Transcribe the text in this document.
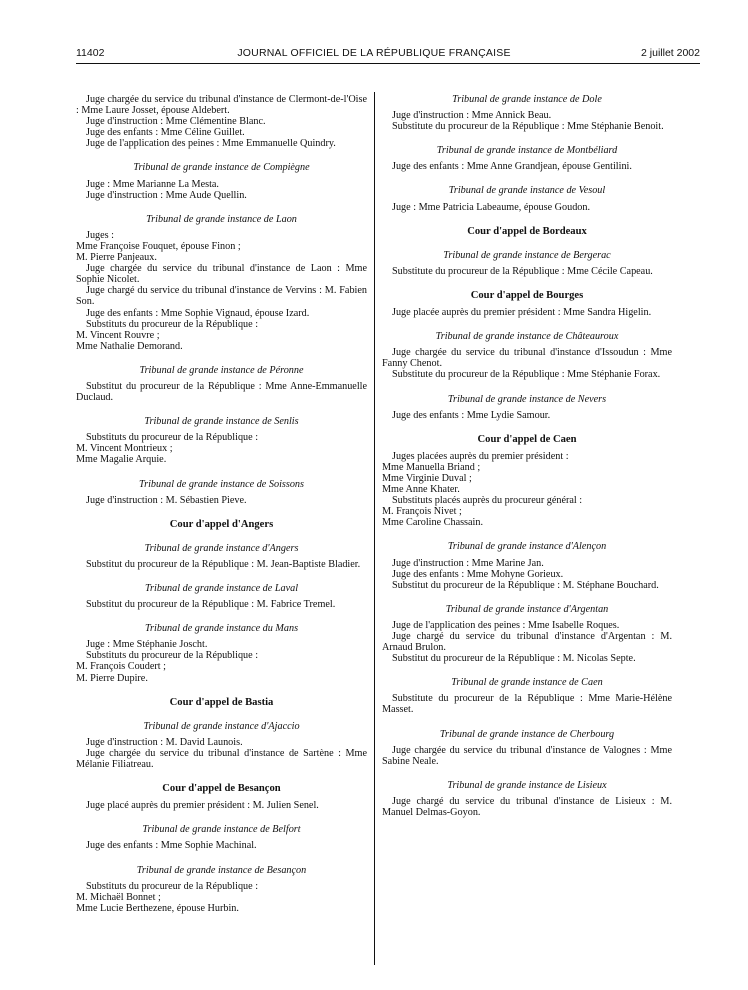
11402	JOURNAL OFFICIEL DE LA RÉPUBLIQUE FRANÇAISE	2 juillet 2002

Juge chargée du service du tribunal d'instance de Clermont-de-l'Oise : Mme Laure Josset, épouse Aldebert.

Juge d'instruction : Mme Clémentine Blanc.

Juge des enfants : Mme Céline Guillet.

Juge de l'application des peines : Mme Emmanuelle Quindry.

Tribunal de grande instance de Compiègne

Juge : Mme Marianne La Mesta.

Juge d'instruction : Mme Aude Quellin.

Tribunal de grande instance de Laon

Juges :

Mme Françoise Fouquet, épouse Finon ;

M. Pierre Panjeaux.

Juge chargée du service du tribunal d'instance de Laon : Mme Sophie Nicolet.

Juge chargé du service du tribunal d'instance de Vervins : M. Fabien Son.

Juge des enfants : Mme Sophie Vignaud, épouse Izard.

Substituts du procureur de la République :

M. Vincent Rouvre ;

Mme Nathalie Demorand.

Tribunal de grande instance de Péronne

Substitut du procureur de la République : Mme Anne-Emmanuelle Duclaud.

Tribunal de grande instance de Senlis

Substituts du procureur de la République :

M. Vincent Montrieux ;

Mme Magalie Arquie.

Tribunal de grande instance de Soissons

Juge d'instruction : M. Sébastien Pieve.

Cour d'appel d'Angers
Tribunal de grande instance d'Angers

Substitut du procureur de la République : M. Jean-Baptiste Bladier.

Tribunal de grande instance de Laval

Substitut du procureur de la République : M. Fabrice Tremel.

Tribunal de grande instance du Mans

Juge : Mme Stéphanie Joscht.

Substituts du procureur de la République :

M. François Coudert ;

M. Pierre Dupire.

Cour d'appel de Bastia
Tribunal de grande instance d'Ajaccio

Juge d'instruction : M. David Launois.

Juge chargée du service du tribunal d'instance de Sartène : Mme Mélanie Filiatreau.

Cour d'appel de Besançon

Juge placé auprès du premier président : M. Julien Senel.

Tribunal de grande instance de Belfort

Juge des enfants : Mme Sophie Machinal.

Tribunal de grande instance de Besançon

Substituts du procureur de la République :

M. Michaël Bonnet ;

Mme Lucie Berthezene, épouse Hurbin.

Tribunal de grande instance de Dole

Juge d'instruction : Mme Annick Beau.

Substitute du procureur de la République : Mme Stéphanie Benoit.

Tribunal de grande instance de Montbéliard

Juge des enfants : Mme Anne Grandjean, épouse Gentilini.

Tribunal de grande instance de Vesoul

Juge : Mme Patricia Labeaume, épouse Goudon.

Cour d'appel de Bordeaux
Tribunal de grande instance de Bergerac

Substitute du procureur de la République : Mme Cécile Capeau.

Cour d'appel de Bourges

Juge placée auprès du premier président : Mme Sandra Higelin.

Tribunal de grande instance de Châteauroux

Juge chargée du service du tribunal d'instance d'Issoudun : Mme Fanny Chenot.

Substitute du procureur de la République : Mme Stéphanie Forax.

Tribunal de grande instance de Nevers

Juge des enfants : Mme Lydie Samour.

Cour d'appel de Caen

Juges placées auprès du premier président :

Mme Manuella Briand ;

Mme Virginie Duval ;

Mme Anne Khater.

Substituts placés auprès du procureur général :

M. François Nivet ;

Mme Caroline Chassain.

Tribunal de grande instance d'Alençon

Juge d'instruction : Mme Marine Jan.

Juge des enfants : Mme Mohyne Gorieux.

Substitut du procureur de la République : M. Stéphane Bouchard.

Tribunal de grande instance d'Argentan

Juge de l'application des peines : Mme Isabelle Roques.

Juge chargé du service du tribunal d'instance d'Argentan : M. Arnaud Brulon.

Substitut du procureur de la République : M. Nicolas Septe.

Tribunal de grande instance de Caen

Substitute du procureur de la République : Mme Marie-Hélène Masset.

Tribunal de grande instance de Cherbourg

Juge chargée du service du tribunal d'instance de Valognes : Mme Sabine Neale.

Tribunal de grande instance de Lisieux

Juge chargé du service du tribunal d'instance de Lisieux : M. Manuel Delmas-Goyon.
